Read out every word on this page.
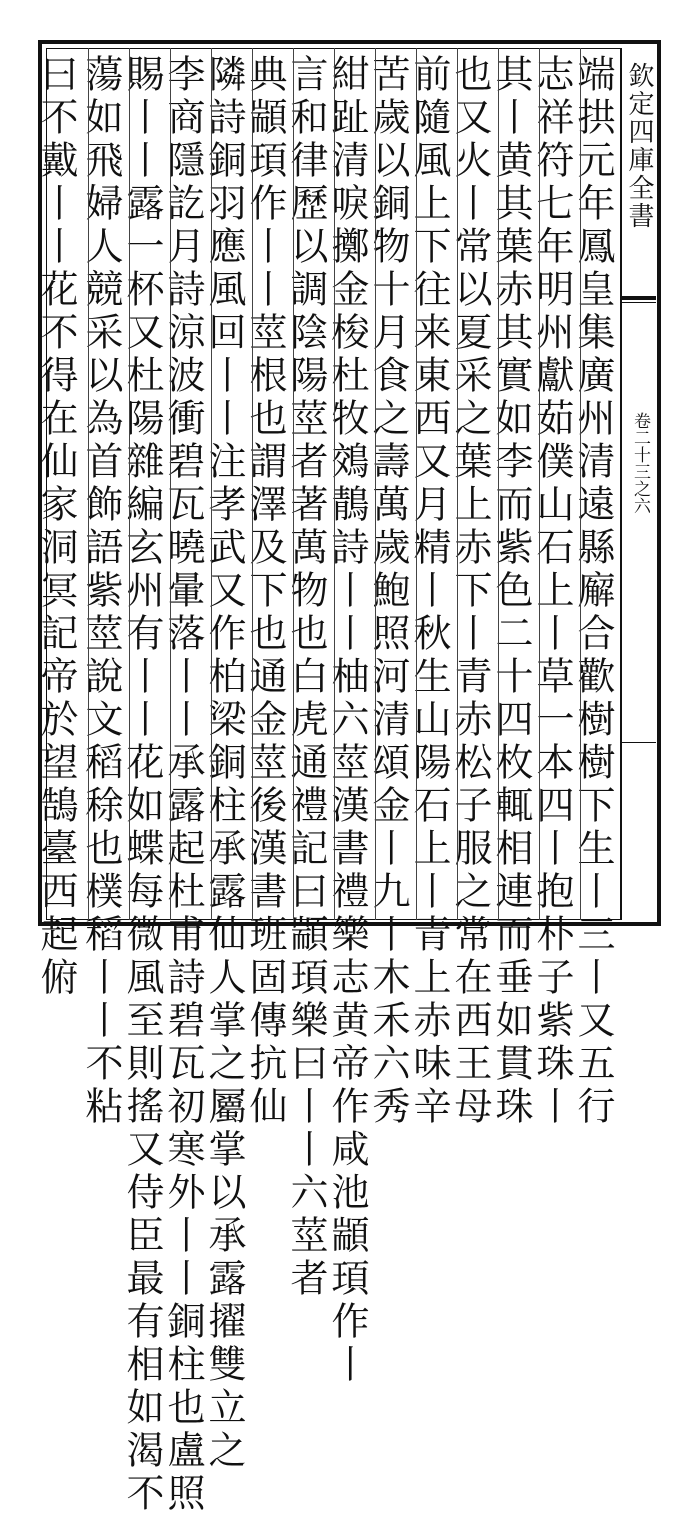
欽定四庫全書
卷二十三之六
端拱元年鳳皇集廣州清遠縣廨合歡樹樹下生丨三丨又五行
志祥符七年明州獻茹僕山石上丨草一本四丨抱朴子紫珠丨
其丨黄其葉赤其實如李而紫色二十四枚輒相連而垂如貫珠
也又火丨常以夏采之葉上赤下丨青赤松子服之常在西王母
前隨風上下往来東西又月精丨秋生山陽石上丨青上赤味辛
苦歲以銅物十月食之壽萬歲鮑照河清頌金丨九丨木禾六秀
紺趾清唳擲金梭杜牧鵁鶄詩丨丨柚六莖漢書禮樂志黄帝作咸池顓頊作丨
言和律歷以調陰陽莖者著萬物也白虎通禮記曰顓頊樂曰丨丨六莖者
典顓頊作丨丨莖根也謂澤及下也通金莖後漢書班固傳抗仙
隣詩銅羽應風回丨丨注孝武又作柏梁銅柱承露仙人掌之屬掌以承露擢雙立之
李商隱訖月詩涼波衝碧瓦曉暈落丨丨承露起杜甫詩碧瓦初寒外丨丨銅柱也盧照
賜丨丨露一杯又杜陽雜編玄州有丨丨花如蝶每微風至則搖又侍臣最有相如渴不
蕩如飛婦人競采以為首飾語紫莖說文稻稌也樸稻丨丨不粘
曰不戴丨丨花不得在仙家洞冥記帝於望鵠臺西起俯
